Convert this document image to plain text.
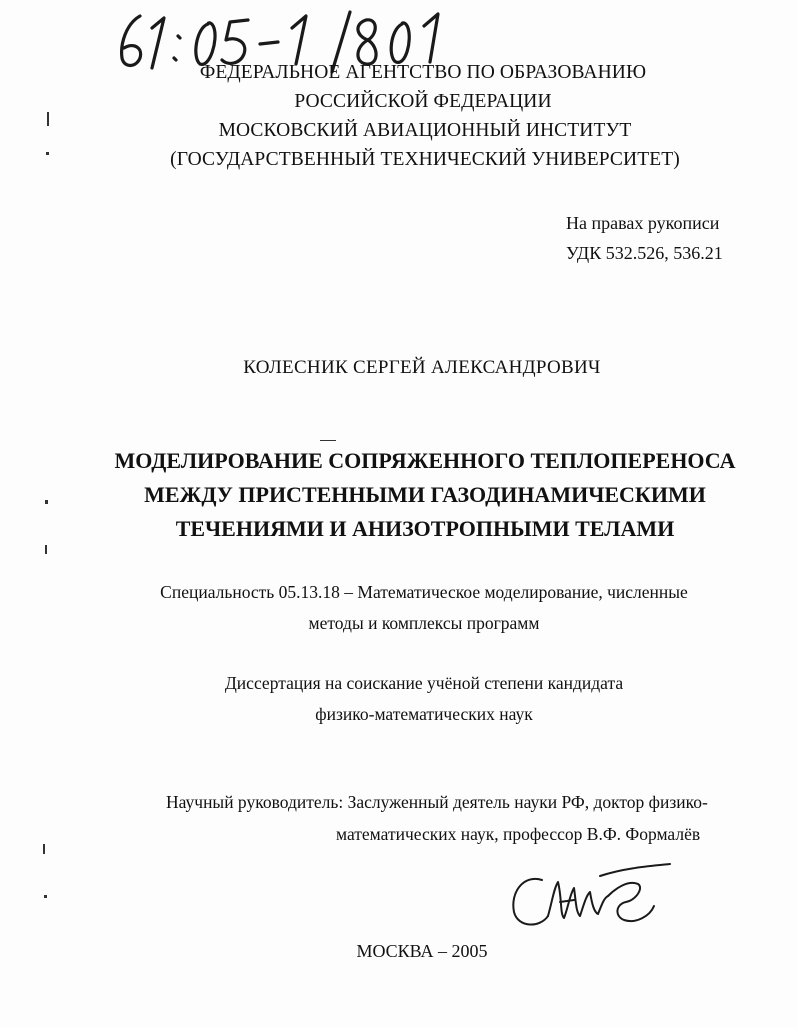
ФЕДЕРАЛЬНОЕ АГЕНТСТВО ПО ОБРАЗОВАНИЮ
РОССИЙСКОЙ ФЕДЕРАЦИИ
МОСКОВСКИЙ АВИАЦИОННЫЙ ИНСТИТУТ
(ГОСУДАРСТВЕННЫЙ ТЕХНИЧЕСКИЙ УНИВЕРСИТЕТ)
На правах рукописи
УДК 532.526, 536.21
КОЛЕСНИК СЕРГЕЙ АЛЕКСАНДРОВИЧ
МОДЕЛИРОВАНИЕ СОПРЯЖЕННОГО ТЕПЛОПЕРЕНОСА
МЕЖДУ ПРИСТЕННЫМИ ГАЗОДИНАМИЧЕСКИМИ
ТЕЧЕНИЯМИ И АНИЗОТРОПНЫМИ ТЕЛАМИ
Специальность 05.13.18 – Математическое моделирование, численные
методы и комплексы программ
Диссертация на соискание учёной степени кандидата
физико-математических наук
Научный руководитель: Заслуженный деятель науки РФ, доктор физико-
математических наук, профессор В.Ф. Формалёв
МОСКВА – 2005
